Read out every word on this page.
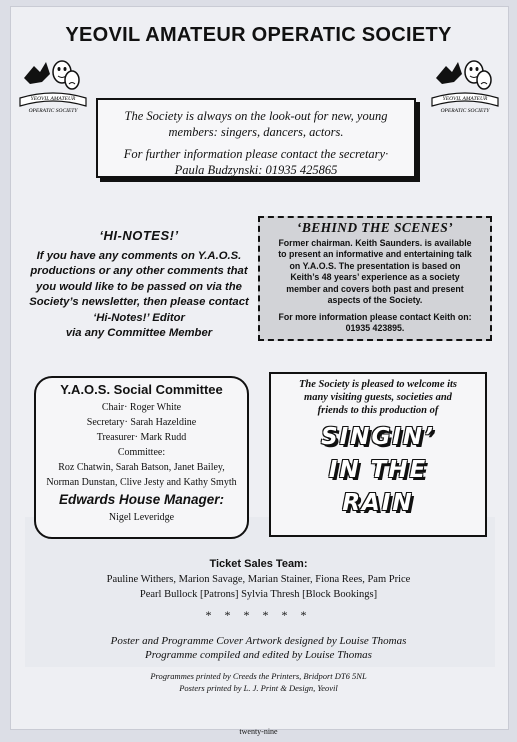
YEOVIL AMATEUR OPERATIC SOCIETY
YEOVIL AMATEUR
OPERATIC SOCIETY
YEOVIL AMATEUR
OPERATIC SOCIETY
The Society is always on the look-out for new, young
members: singers, dancers, actors.
For further information please contact the secretary·
Paula Budzynski: 01935 425865
‘HI-NOTES!’
If you have any comments on Y.A.O.S.
productions or any other comments that
you would like to be passed on via the
Society’s newsletter, then please contact
‘Hi-Notes!’ Editor
via any Committee Member
‘BEHIND THE SCENES’
Former chairman. Keith Saunders. is available
to present an informative and entertaining talk
on Y.A.O.S. The presentation is based on
Keith’s 48 years’ experience as a society
member and covers both past and present
aspects of the Society.
For more information please contact Keith on:
01935 423895.
Y.A.O.S. Social Committee
Chair· Roger White
Secretary· Sarah Hazeldine
Treasurer· Mark Rudd
Committee:
Roz Chatwin, Sarah Batson, Janet Bailey,
Norman Dunstan, Clive Jesty and Kathy Smyth
Edwards House Manager:
Nigel Leveridge
The Society is pleased to welcome its
many visiting guests, societies and
friends to this production of
SINGIN’
IN THE
RAIN
Ticket Sales Team:
Pauline Withers, Marion Savage, Marian Stainer, Fiona Rees, Pam Price
Pearl Bullock [Patrons] Sylvia Thresh [Block Bookings]
* * * * * *
Poster and Programme Cover Artwork designed by Louise Thomas
Programme compiled and edited by Louise Thomas
Programmes printed by Creeds the Printers, Bridport DT6 5NL
Posters printed by L. J. Print & Design, Yeovil
twenty-nine
